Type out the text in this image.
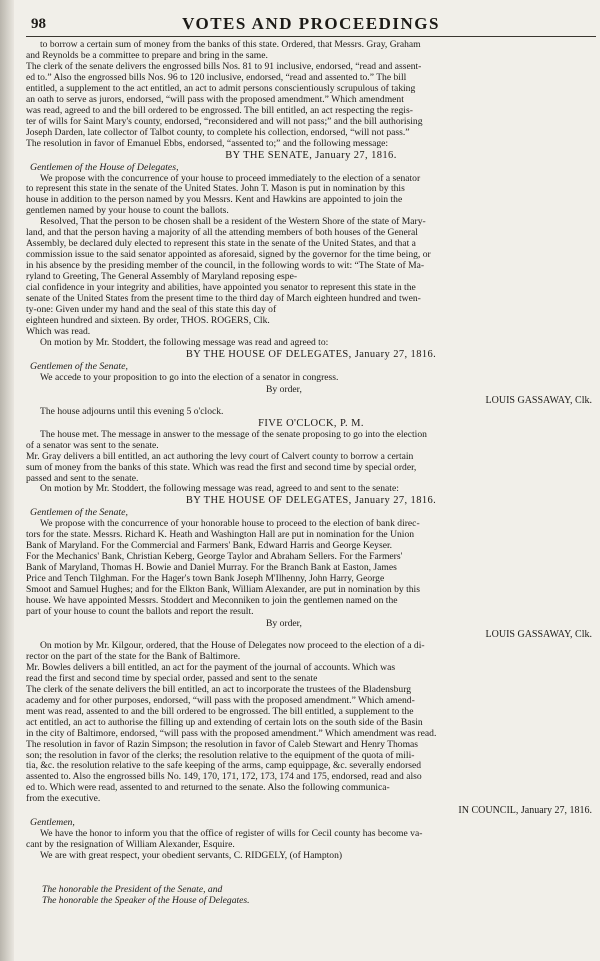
98	VOTES AND PROCEEDINGS
to borrow a certain sum of money from the banks of this state. Ordered, that Messrs. Gray, Graham
and Reynolds be a committee to prepare and bring in the same.
The clerk of the senate delivers the engrossed bills Nos. 81 to 91 inclusive, endorsed, “read and assent-
ed to.” Also the engrossed bills Nos. 96 to 120 inclusive, endorsed, “read and assented to.” The bill
entitled, a supplement to the act entitled, an act to admit persons conscientiously scrupulous of taking
an oath to serve as jurors, endorsed, “will pass with the proposed amendment.” Which amendment
was read, agreed to and the bill ordered to be engrossed. The bill entitled, an act respecting the regis-
ter of wills for Saint Mary's county, endorsed, “reconsidered and will not pass;” and the bill authorising
Joseph Darden, late collector of Talbot county, to complete his collection, endorsed, “will not pass.”
The resolution in favor of Emanuel Ebbs, endorsed, “assented to;” and the following message:
BY THE SENATE, January 27, 1816.
Gentlemen of the House of Delegates,
We propose with the concurrence of your house to proceed immediately to the election of a senator
to represent this state in the senate of the United States. John T. Mason is put in nomination by this
house in addition to the person named by you Messrs. Kent and Hawkins are appointed to join the
gentlemen named by your house to count the ballots.
Resolved, That the person to be chosen shall be a resident of the Western Shore of the state of Mary-
land, and that the person having a majority of all the attending members of both houses of the General
Assembly, be declared duly elected to represent this state in the senate of the United States, and that a
commission issue to the said senator appointed as aforesaid, signed by the governor for the time being, or
in his absence by the presiding member of the council, in the following words to wit: “The State of Ma-
ryland to Greeting, The General Assembly of Maryland reposing espe-
cial confidence in your integrity and abilities, have appointed you senator to represent this state in the
senate of the United States from the present time to the third day of March eighteen hundred and twen-
ty-one: Given under my hand and the seal of this state this day of
eighteen hundred and sixteen. By order, THOS. ROGERS, Clk.
Which was read.
On motion by Mr. Stoddert, the following message was read and agreed to:
BY THE HOUSE OF DELEGATES, January 27, 1816.
Gentlemen of the Senate,
We accede to your proposition to go into the election of a senator in congress.
By order,
LOUIS GASSAWAY, Clk.
The house adjourns until this evening 5 o'clock.
FIVE O'CLOCK, P. M.
The house met. The message in answer to the message of the senate proposing to go into the election
of a senator was sent to the senate.
Mr. Gray delivers a bill entitled, an act authoring the levy court of Calvert county to borrow a certain
sum of money from the banks of this state. Which was read the first and second time by special order,
passed and sent to the senate.
On motion by Mr. Stoddert, the following message was read, agreed to and sent to the senate:
BY THE HOUSE OF DELEGATES, January 27, 1816.
Gentlemen of the Senate,
We propose with the concurrence of your honorable house to proceed to the election of bank direc-
tors for the state. Messrs. Richard K. Heath and Washington Hall are put in nomination for the Union
Bank of Maryland. For the Commercial and Farmers' Bank, Edward Harris and George Keyser.
For the Mechanics' Bank, Christian Keberg, George Taylor and Abraham Sellers. For the Farmers'
Bank of Maryland, Thomas H. Bowie and Daniel Murray. For the Branch Bank at Easton, James
Price and Tench Tilghman. For the Hager's town Bank Joseph M'Ilhenny, John Harry, George
Smoot and Samuel Hughes; and for the Elkton Bank, William Alexander, are put in nomination by this
house. We have appointed Messrs. Stoddert and Meconniken to join the gentlemen named on the
part of your house to count the ballots and report the result.
By order,
LOUIS GASSAWAY, Clk.
On motion by Mr. Kilgour, ordered, that the House of Delegates now proceed to the election of a di-
rector on the part of the state for the Bank of Baltimore.
Mr. Bowles delivers a bill entitled, an act for the payment of the journal of accounts. Which was
read the first and second time by special order, passed and sent to the senate
The clerk of the senate delivers the bill entitled, an act to incorporate the trustees of the Bladensburg
academy and for other purposes, endorsed, “will pass with the proposed amendment.” Which amend-
ment was read, assented to and the bill ordered to be engrossed. The bill entitled, a supplement to the
act entitled, an act to authorise the filling up and extending of certain lots on the south side of the Basin
in the city of Baltimore, endorsed, “will pass with the proposed amendment.” Which amendment was read.
The resolution in favor of Razin Simpson; the resolution in favor of Caleb Stewart and Henry Thomas
son; the resolution in favor of the clerks; the resolution relative to the equipment of the quota of mili-
tia, &c. the resolution relative to the safe keeping of the arms, camp equippage, &c. severally endorsed
assented to. Also the engrossed bills No. 149, 170, 171, 172, 173, 174 and 175, endorsed, read and also
ed to. Which were read, assented to and returned to the senate. Also the following communica-
from the executive.
IN COUNCIL, January 27, 1816.
Gentlemen,
We have the honor to inform you that the office of register of wills for Cecil county has become va-
cant by the resignation of William Alexander, Esquire.
We are with great respect, your obedient servants, C. RIDGELY, (of Hampton)
The honorable the President of the Senate, and
The honorable the Speaker of the House of Delegates.
